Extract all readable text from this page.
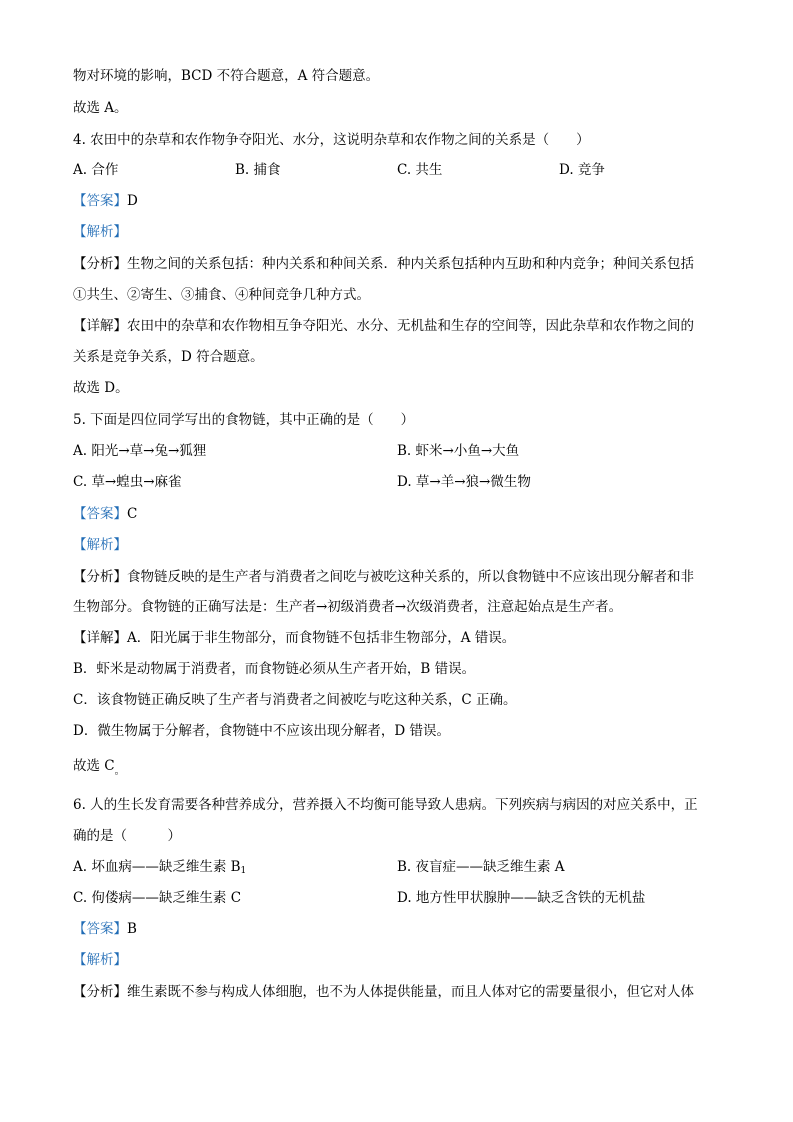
物对环境的影响，BCD 不符合题意，A 符合题意。
故选 A。
4. 农田中的杂草和农作物争夺阳光、水分，这说明杂草和农作物之间的关系是（　　）
A. 合作	B. 捕食	C. 共生	D. 竞争
【答案】D
【解析】
【分析】生物之间的关系包括：种内关系和种间关系．种内关系包括种内互助和种内竞争；种间关系包括
①共生、②寄生、③捕食、④种间竞争几种方式。
【详解】农田中的杂草和农作物相互争夺阳光、水分、无机盐和生存的空间等，因此杂草和农作物之间的
关系是竞争关系，D 符合题意。
故选 D。
5. 下面是四位同学写出的食物链，其中正确的是（　　）
A. 阳光→草→兔→狐狸	B. 虾米→小鱼→大鱼
C. 草→蝗虫→麻雀	D. 草→羊→狼→微生物
【答案】C
【解析】
【分析】食物链反映的是生产者与消费者之间吃与被吃这种关系的，所以食物链中不应该出现分解者和非
生物部分。食物链的正确写法是：生产者→初级消费者→次级消费者，注意起始点是生产者。
【详解】A．阳光属于非生物部分，而食物链不包括非生物部分，A 错误。
B．虾米是动物属于消费者，而食物链必须从生产者开始，B 错误。
C．该食物链正确反映了生产者与消费者之间被吃与吃这种关系，C 正确。
D．微生物属于分解者，食物链中不应该出现分解者，D 错误。
故选 $C_。$
6. 人的生长发育需要各种营养成分，营养摄入不均衡可能导致人患病。下列疾病与病因的对应关系中，正
确的是（　　　）
A. 坏血病——缺乏维生素 $B_1$	B. 夜盲症——缺乏维生素 A
C. 佝偻病——缺乏维生素 C	D. 地方性甲状腺肿——缺乏含铁的无机盐
【答案】B
【解析】
【分析】维生素既不参与构成人体细胞，也不为人体提供能量，而且人体对它的需要量很小，但它对人体
